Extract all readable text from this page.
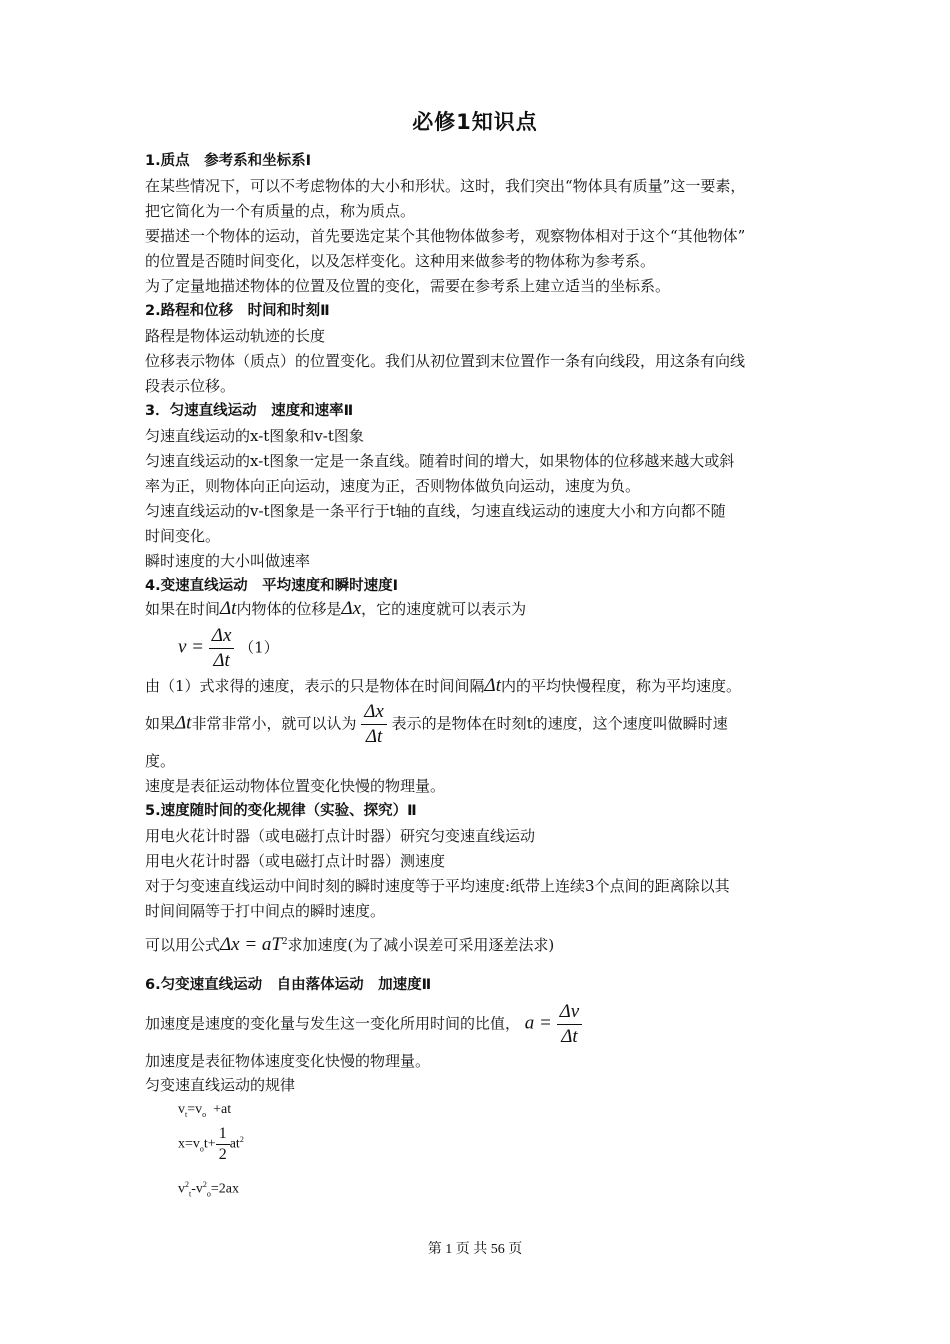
必修1知识点
1.质点　参考系和坐标系Ⅰ
在某些情况下，可以不考虑物体的大小和形状。这时，我们突出“物体具有质量”这一要素，
把它简化为一个有质量的点，称为质点。
要描述一个物体的运动，首先要选定某个其他物体做参考，观察物体相对于这个“其他物体”
的位置是否随时间变化，以及怎样变化。这种用来做参考的物体称为参考系。
为了定量地描述物体的位置及位置的变化，需要在参考系上建立适当的坐标系。
2.路程和位移　时间和时刻Ⅱ
路程是物体运动轨迹的长度
位移表示物体（质点）的位置变化。我们从初位置到末位置作一条有向线段，用这条有向线
段表示位移。
3．匀速直线运动　速度和速率Ⅱ
匀速直线运动的x-t图象和v-t图象
匀速直线运动的x-t图象一定是一条直线。随着时间的增大，如果物体的位移越来越大或斜
率为正，则物体向正向运动，速度为正，否则物体做负向运动，速度为负。
匀速直线运动的v-t图象是一条平行于t轴的直线，匀速直线运动的速度大小和方向都不随
时间变化。
瞬时速度的大小叫做速率
4.变速直线运动　平均速度和瞬时速度Ⅰ
如果在时间Δt内物体的位移是Δx，它的速度就可以表示为
$v = \frac{\Delta x}{\Delta t} (1)$
由（1）式求得的速度，表示的只是物体在时间间隔Δt内的平均快慢程度，称为平均速度。
如果Δt非常非常小，就可以认为 $\frac{\Delta x}{\Delta t}$ 表示的是物体在时刻t的速度，这个速度叫做瞬时速
度。
速度是表征运动物体位置变化快慢的物理量。
5.速度随时间的变化规律（实验、探究）Ⅱ
用电火花计时器（或电磁打点计时器）研究匀变速直线运动
用电火花计时器（或电磁打点计时器）测速度
对于匀变速直线运动中间时刻的瞬时速度等于平均速度:纸带上连续3个点间的距离除以其
时间间隔等于打中间点的瞬时速度。
可以用公式$\Delta x = aT^2$求加速度(为了减小误差可采用逐差法求)
6.匀变速直线运动　自由落体运动　加速度Ⅱ
加速度是速度的变化量与发生这一变化所用时间的比值， $a = \frac{\Delta v}{\Delta t}$
加速度是表征物体速度变化快慢的物理量。
匀变速直线运动的规律
$v_t=v_o +at$
$x=v_ot+ \frac{1}{2} at^2$
$v^2_t-v^2_o=2ax$
第 1 页 共 56 页
